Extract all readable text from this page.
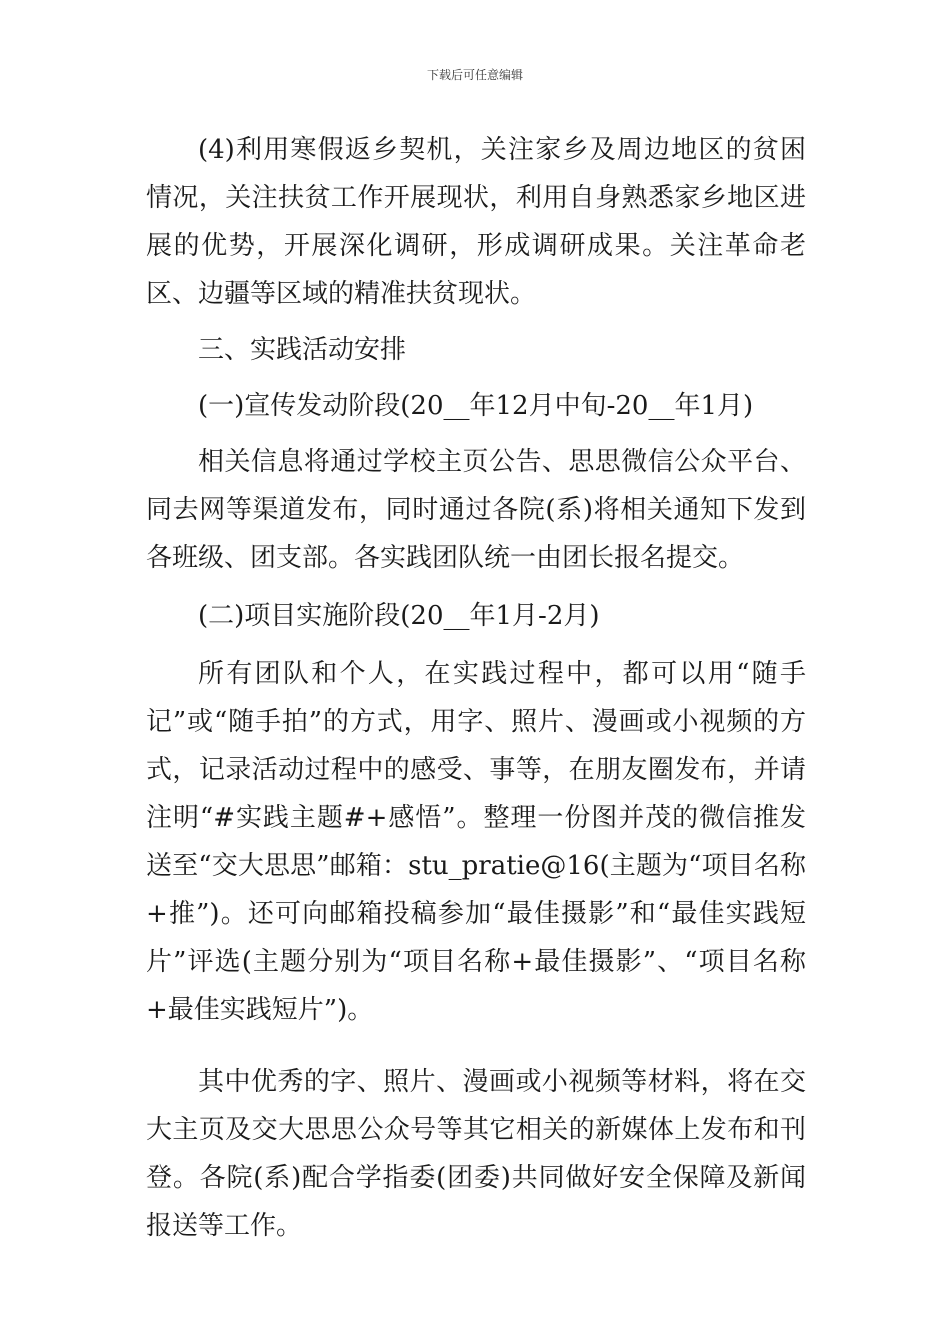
下载后可任意编辑

(4)利用寒假返乡契机，关注家乡及周边地区的贫困情况，关注扶贫工作开展现状，利用自身熟悉家乡地区进展的优势，开展深化调研，形成调研成果。关注革命老区、边疆等区域的精准扶贫现状。

三、实践活动安排

(一)宣传发动阶段(20__年12月中旬-20__年1月)

相关信息将通过学校主页公告、思思微信公众平台、同去网等渠道发布，同时通过各院(系)将相关通知下发到各班级、团支部。各实践团队统一由团长报名提交。

(二)项目实施阶段(20__年1月-2月)

所有团队和个人，在实践过程中，都可以用“随手记”或“随手拍”的方式，用字、照片、漫画或小视频的方式，记录活动过程中的感受、事等，在朋友圈发布，并请注明“#实践主题#+感悟”。整理一份图并茂的微信推发送至“交大思思”邮箱：stu_pratie@16(主题为“项目名称+推”)。还可向邮箱投稿参加“最佳摄影”和“最佳实践短片”评选(主题分别为“项目名称+最佳摄影”、“项目名称+最佳实践短片”)。

其中优秀的字、照片、漫画或小视频等材料，将在交大主页及交大思思公众号等其它相关的新媒体上发布和刊登。各院(系)配合学指委(团委)共同做好安全保障及新闻报送等工作。
